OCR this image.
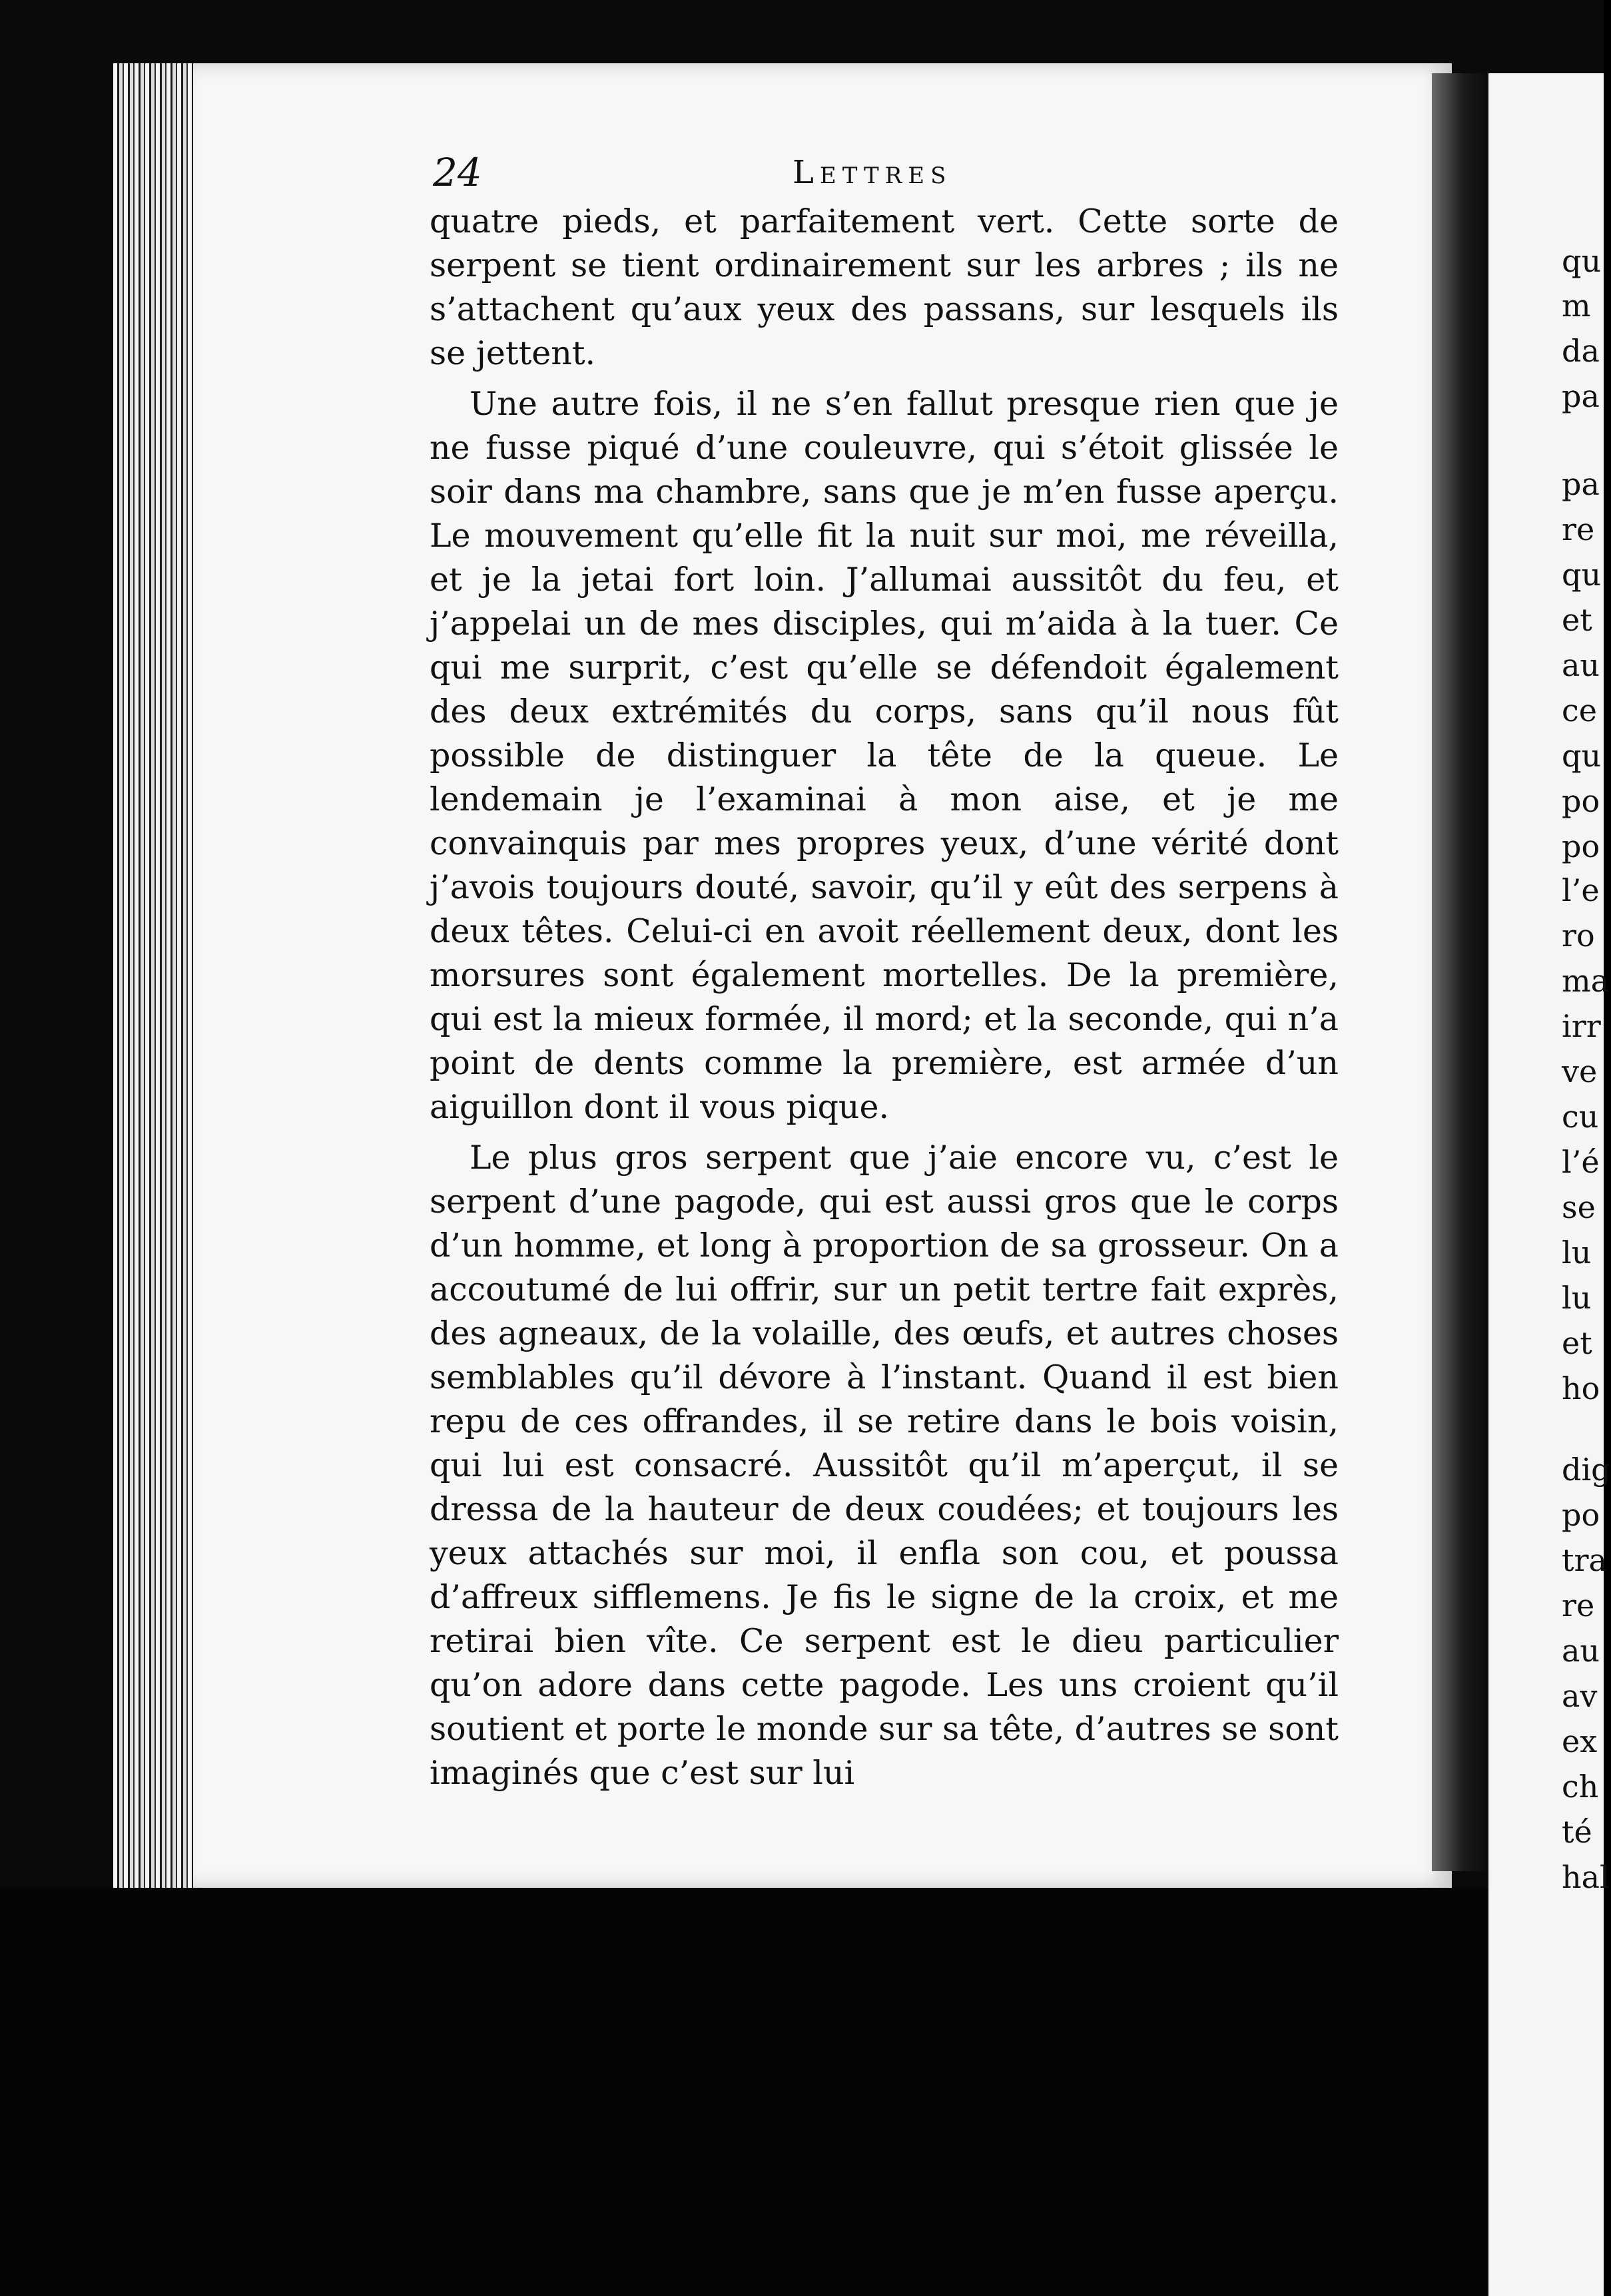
24	Lettres

quatre pieds, et parfaitement vert. Cette sorte de serpent se tient ordinairement sur les arbres ; ils ne s’attachent qu’aux yeux des passans, sur lesquels ils se jettent.

Une autre fois, il ne s’en fallut presque rien que je ne fusse piqué d’une couleuvre, qui s’étoit glissée le soir dans ma chambre, sans que je m’en fusse aperçu. Le mouvement qu’elle fit la nuit sur moi, me réveilla, et je la jetai fort loin. J’allumai aussitôt du feu, et j’appelai un de mes disciples, qui m’aida à la tuer. Ce qui me surprit, c’est qu’elle se défendoit également des deux extrémités du corps, sans qu’il nous fût possible de distinguer la tête de la queue. Le lendemain je l’examinai à mon aise, et je me convainquis par mes propres yeux, d’une vérité dont j’avois toujours douté, savoir, qu’il y eût des serpens à deux têtes. Celui-ci en avoit réellement deux, dont les morsures sont également mortelles. De la première, qui est la mieux formée, il mord; et la seconde, qui n’a point de dents comme la première, est armée d’un aiguillon dont il vous pique.

Le plus gros serpent que j’aie encore vu, c’est le serpent d’une pagode, qui est aussi gros que le corps d’un homme, et long à proportion de sa grosseur. On a accoutumé de lui offrir, sur un petit tertre fait exprès, des agneaux, de la volaille, des œufs, et autres choses semblables qu’il dévore à l’instant. Quand il est bien repu de ces offrandes, il se retire dans le bois voisin, qui lui est consacré. Aussitôt qu’il m’aperçut, il se dressa de la hauteur de deux coudées; et toujours les yeux attachés sur moi, il enfla son cou, et poussa d’affreux sifflemens. Je fis le signe de la croix, et me retirai bien vîte. Ce serpent est le dieu particulier qu’on adore dans cette pagode. Les uns croient qu’il soutient et porte le monde sur sa tête, d’autres se sont imaginés que c’est sur lui

qu
m
da
pa
pa
re
qu
et
au
ce
qu
po
po
l’e
ro
ma
irr
ve
cu
l’é
se
lu
lu
et
ho
dig
po
tra
re
au
av
ex
ch
té
hal
